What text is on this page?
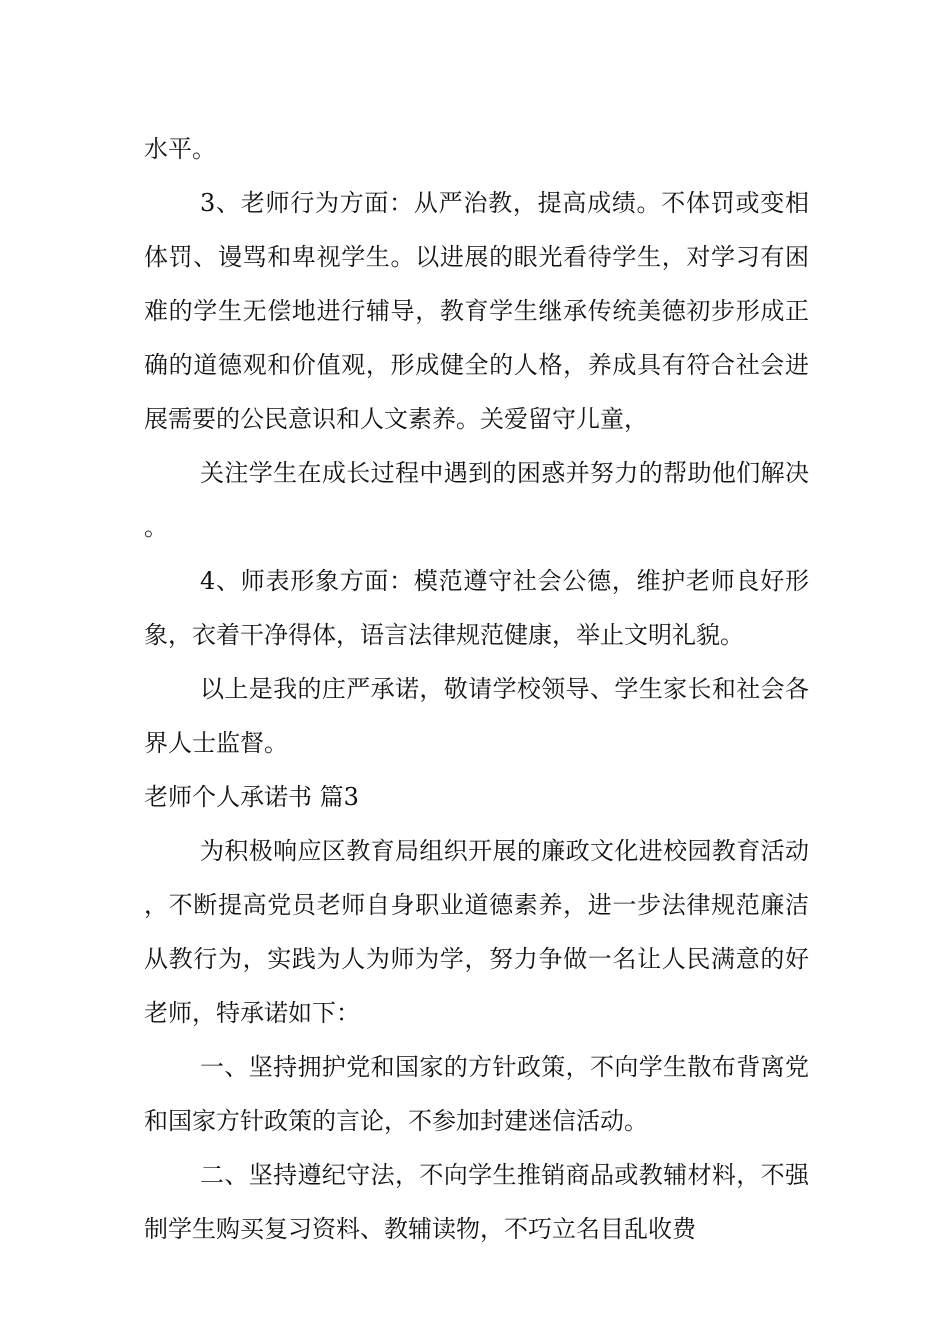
水平。

3、老师行为方面：从严治教，提高成绩。不体罚或变相体罚、谩骂和卑视学生。以进展的眼光看待学生，对学习有困难的学生无偿地进行辅导，教育学生继承传统美德初步形成正确的道德观和价值观，形成健全的人格，养成具有符合社会进展需要的公民意识和人文素养。关爱留守儿童，

关注学生在成长过程中遇到的困惑并努力的帮助他们解决。

4、师表形象方面：模范遵守社会公德，维护老师良好形象，衣着干净得体，语言法律规范健康，举止文明礼貌。

以上是我的庄严承诺，敬请学校领导、学生家长和社会各界人士监督。

老师个人承诺书 篇3

为积极响应区教育局组织开展的廉政文化进校园教育活动，不断提高党员老师自身职业道德素养，进一步法律规范廉洁从教行为，实践为人为师为学，努力争做一名让人民满意的好老师，特承诺如下：

一、坚持拥护党和国家的方针政策，不向学生散布背离党和国家方针政策的言论，不参加封建迷信活动。

二、坚持遵纪守法，不向学生推销商品或教辅材料，不强制学生购买复习资料、教辅读物，不巧立名目乱收费
